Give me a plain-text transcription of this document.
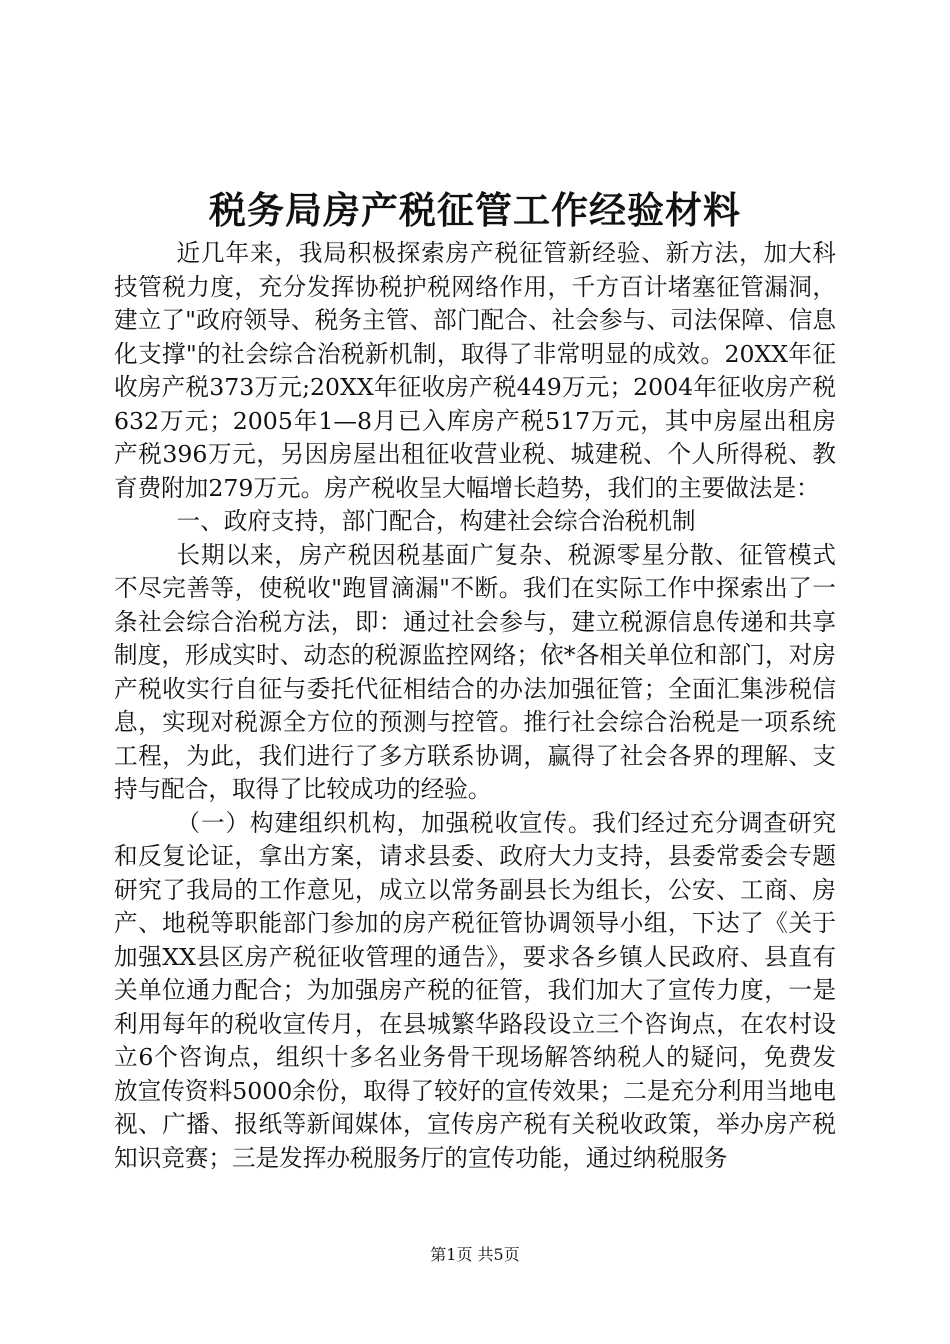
税务局房产税征管工作经验材料

近几年来，我局积极探索房产税征管新经验、新方法，加大科技管税力度，充分发挥协税护税网络作用，千方百计堵塞征管漏洞，建立了"政府领导、税务主管、部门配合、社会参与、司法保障、信息化支撑"的社会综合治税新机制，取得了非常明显的成效。20XX年征收房产税373万元;20XX年征收房产税449万元；2004年征收房产税632万元；2005年1—8月已入库房产税517万元，其中房屋出租房产税396万元，另因房屋出租征收营业税、城建税、个人所得税、教育费附加279万元。房产税收呈大幅增长趋势，我们的主要做法是：

一、政府支持，部门配合，构建社会综合治税机制

长期以来，房产税因税基面广复杂、税源零星分散、征管模式不尽完善等，使税收"跑冒滴漏"不断。我们在实际工作中探索出了一条社会综合治税方法，即：通过社会参与，建立税源信息传递和共享制度，形成实时、动态的税源监控网络；依*各相关单位和部门，对房产税收实行自征与委托代征相结合的办法加强征管；全面汇集涉税信息，实现对税源全方位的预测与控管。推行社会综合治税是一项系统工程，为此，我们进行了多方联系协调，赢得了社会各界的理解、支持与配合，取得了比较成功的经验。

（一）构建组织机构，加强税收宣传。我们经过充分调查研究和反复论证，拿出方案，请求县委、政府大力支持，县委常委会专题研究了我局的工作意见，成立以常务副县长为组长，公安、工商、房产、地税等职能部门参加的房产税征管协调领导小组，下达了《关于加强XX县区房产税征收管理的通告》，要求各乡镇人民政府、县直有关单位通力配合；为加强房产税的征管，我们加大了宣传力度，一是利用每年的税收宣传月，在县城繁华路段设立三个咨询点，在农村设立6个咨询点，组织十多名业务骨干现场解答纳税人的疑问，免费发放宣传资料5000余份，取得了较好的宣传效果；二是充分利用当地电视、广播、报纸等新闻媒体，宣传房产税有关税收政策，举办房产税知识竞赛；三是发挥办税服务厅的宣传功能，通过纳税服务

第1页 共5页
